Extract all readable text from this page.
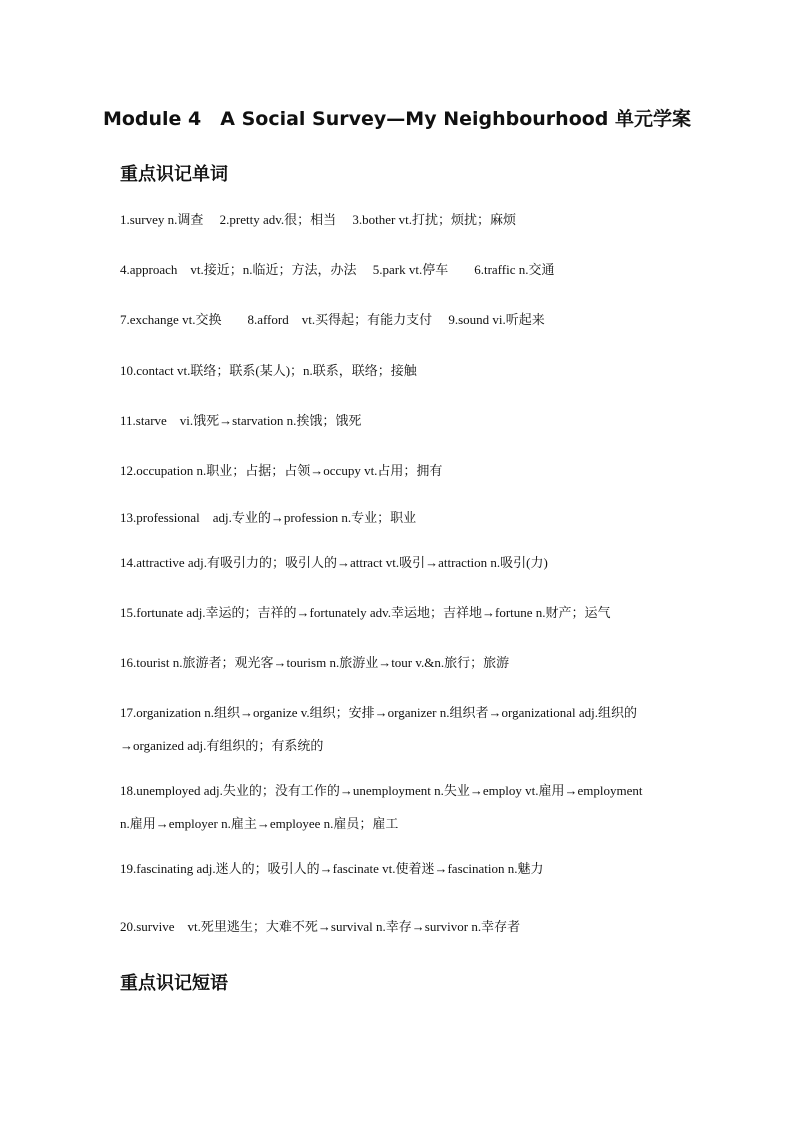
Module 4　A Social Survey—My Neighbourhood 单元学案
重点识记单词
1.survey n.调查　 2.pretty adv.很；相当　 3.bother vt.打扰；烦扰；麻烦
4.approach　vt.接近；n.临近；方法，办法　 5.park vt.停车　　6.traffic n.交通
7.exchange vt.交换　　8.afford　vt.买得起；有能力支付　 9.sound vi.听起来
10.contact vt.联络；联系(某人)；n.联系，联络；接触
11.starve　vi.饿死→starvation n.挨饿；饿死
12.occupation n.职业；占据；占领→occupy vt.占用；拥有
13.professional　adj.专业的→profession n.专业；职业
14.attractive adj.有吸引力的；吸引人的→attract vt.吸引→attraction n.吸引(力)
15.fortunate adj.幸运的；吉祥的→fortunately adv.幸运地；吉祥地→fortune n.财产；运气
16.tourist n.旅游者；观光客→tourism n.旅游业→tour v.&n.旅行；旅游
17.organization n.组织→organize v.组织；安排→organizer n.组织者→organizational adj.组织的
→organized adj.有组织的；有系统的
18.unemployed adj.失业的；没有工作的→unemployment n.失业→employ vt.雇用→employment
n.雇用→employer n.雇主→employee n.雇员；雇工
19.fascinating adj.迷人的；吸引人的→fascinate vt.使着迷→fascination n.魅力
20.survive　vt.死里逃生；大难不死→survival n.幸存→survivor n.幸存者
重点识记短语
